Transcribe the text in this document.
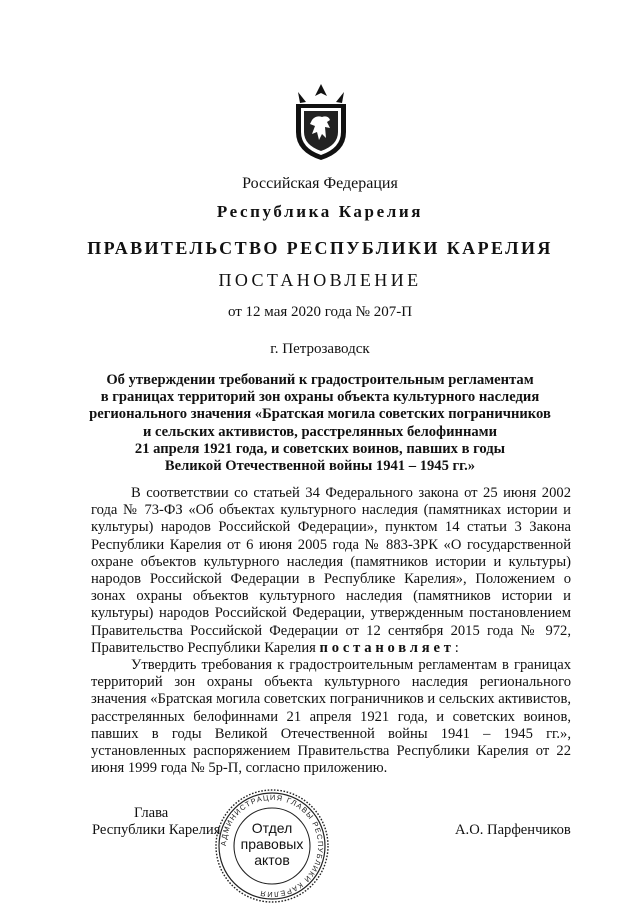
Российская Федерация
Республика Карелия
ПРАВИТЕЛЬСТВО РЕСПУБЛИКИ КАРЕЛИЯ
ПОСТАНОВЛЕНИЕ
от 12 мая 2020 года № 207-П
г. Петрозаводск
Об утверждении требований к градостроительным регламентам
в границах территорий зон охраны объекта культурного наследия
регионального значения «Братская могила советских пограничников
и сельских активистов, расстрелянных белофиннами
21 апреля 1921 года, и советских воинов, павших в годы
Великой Отечественной войны 1941 – 1945 гг.»

В соответствии со статьей 34 Федерального закона от 25 июня 2002 года № 73-ФЗ «Об объектах культурного наследия (памятниках истории и культуры) народов Российской Федерации», пунктом 14 статьи 3 Закона Республики Карелия от 6 июня 2005 года № 883-ЗРК «О государственной охране объектов культурного наследия (памятников истории и культуры) народов Российской Федерации в Республике Карелия», Положением о зонах охраны объектов культурного наследия (памятников истории и культуры) народов Российской Федерации, утвержденным постановлением Правительства Российской Федерации от 12 сентября 2015 года № 972, Правительство Республики Карелия постановляет:

Утвердить требования к градостроительным регламентам в границах территорий зон охраны объекта культурного наследия регионального значения «Братская могила советских пограничников и сельских активистов, расстрелянных белофиннами 21 апреля 1921 года, и советских воинов, павших в годы Великой Отечественной войны 1941 – 1945 гг.», установленных распоряжением Правительства Республики Карелия от 22 июня 1999 года № 5р-П, согласно приложению.

Глава
Республики Карелия	А.О. Парфенчиков
АДМИНИСТРАЦИЯ ГЛАВЫ РЕСПУБЛИКИ КАРЕЛИЯ
Отдел
правовых
актов
